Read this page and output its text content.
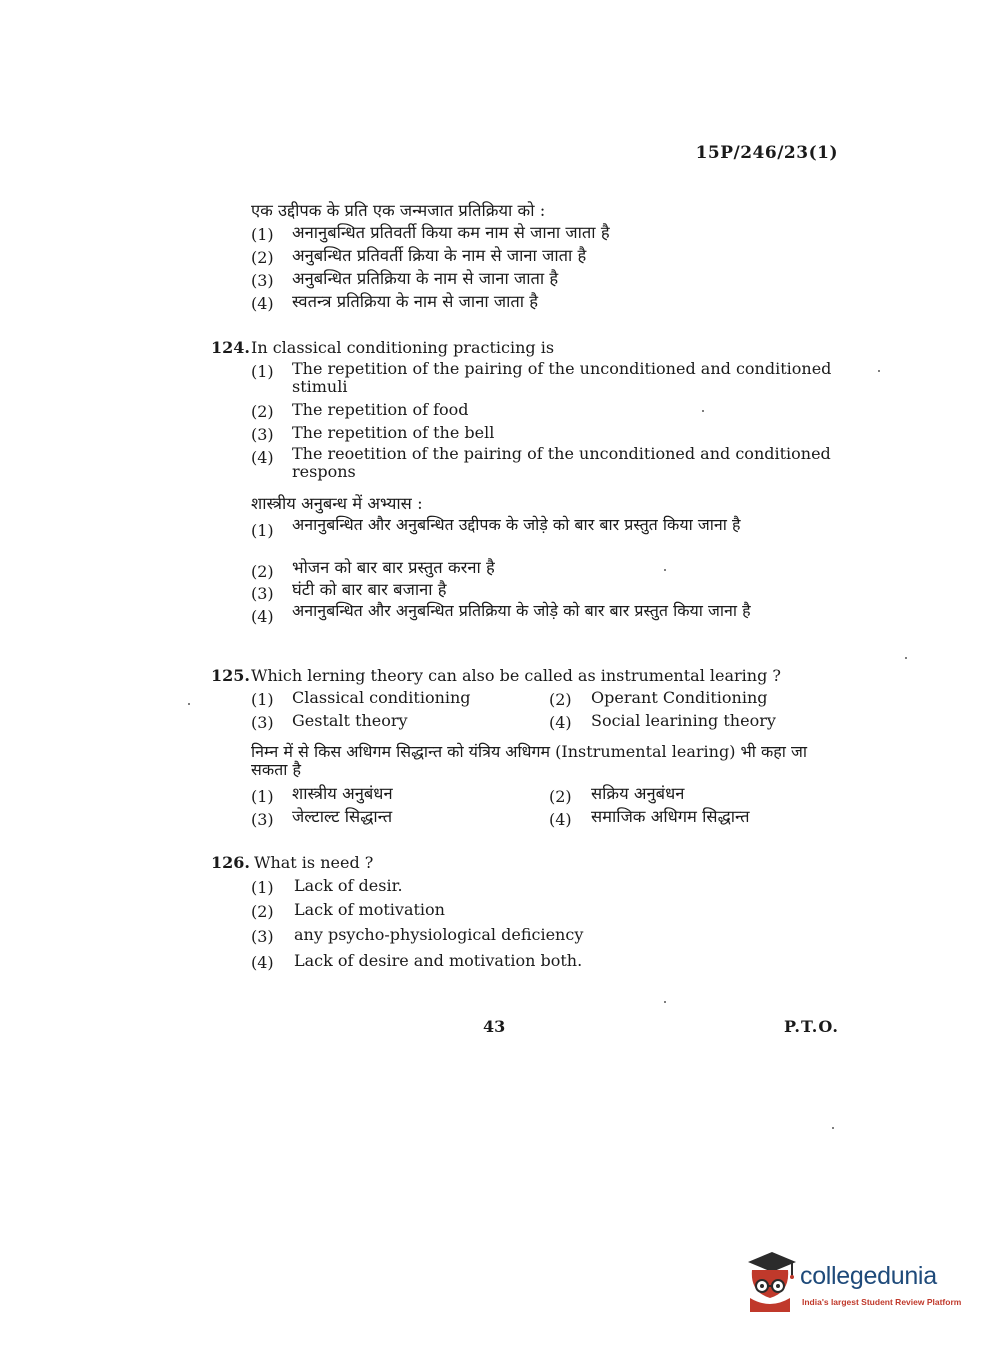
15P/246/23(1)
एक उद्दीपक के प्रति एक जन्मजात प्रतिक्रिया को :
(1) अनानुबन्धित प्रतिवर्ती किया कम नाम से जाना जाता है
(2) अनुबन्धित प्रतिवर्ती क्रिया के नाम से जाना जाता है
(3) अनुबन्धित प्रतिक्रिया के नाम से जाना जाता है
(4) स्वतन्त्र प्रतिक्रिया के नाम से जाना जाता है
124. In classical conditioning practicing is
(1) The repetition of the pairing of the unconditioned and conditioned stimuli
(2) The repetition of food
(3) The repetition of the bell
(4) The reoetition of the pairing of the unconditioned and conditioned respons
शास्त्रीय अनुबन्ध में अभ्यास :
(1) अनानुबन्धित और अनुबन्धित उद्दीपक के जोड़े को बार बार प्रस्तुत किया जाना है
(2) भोजन को बार बार प्रस्तुत करना है
(3) घंटी को बार बार बजाना है
(4) अनानुबन्धित और अनुबन्धित प्रतिक्रिया के जोड़े को बार बार प्रस्तुत किया जाना है
125. Which lerning theory can also be called as instrumental learing ?
(1) Classical conditioning	(2) Operant Conditioning
(3) Gestalt theory	(4) Social learining theory
निम्न में से किस अधिगम सिद्धान्त को यंत्रिय अधिगम (Instrumental learing) भी कहा जा सकता है
(1) शास्त्रीय अनुबंधन	(2) सक्रिय अनुबंधन
(3) जेल्टाल्ट सिद्धान्त	(4) समाजिक अधिगम सिद्धान्त
126. What is need ?
(1) Lack of desir.
(2) Lack of motivation
(3) any psycho-physiological deficiency
(4) Lack of desire and motivation both.
43	P.T.O.
collegedunia
India's largest Student Review Platform
